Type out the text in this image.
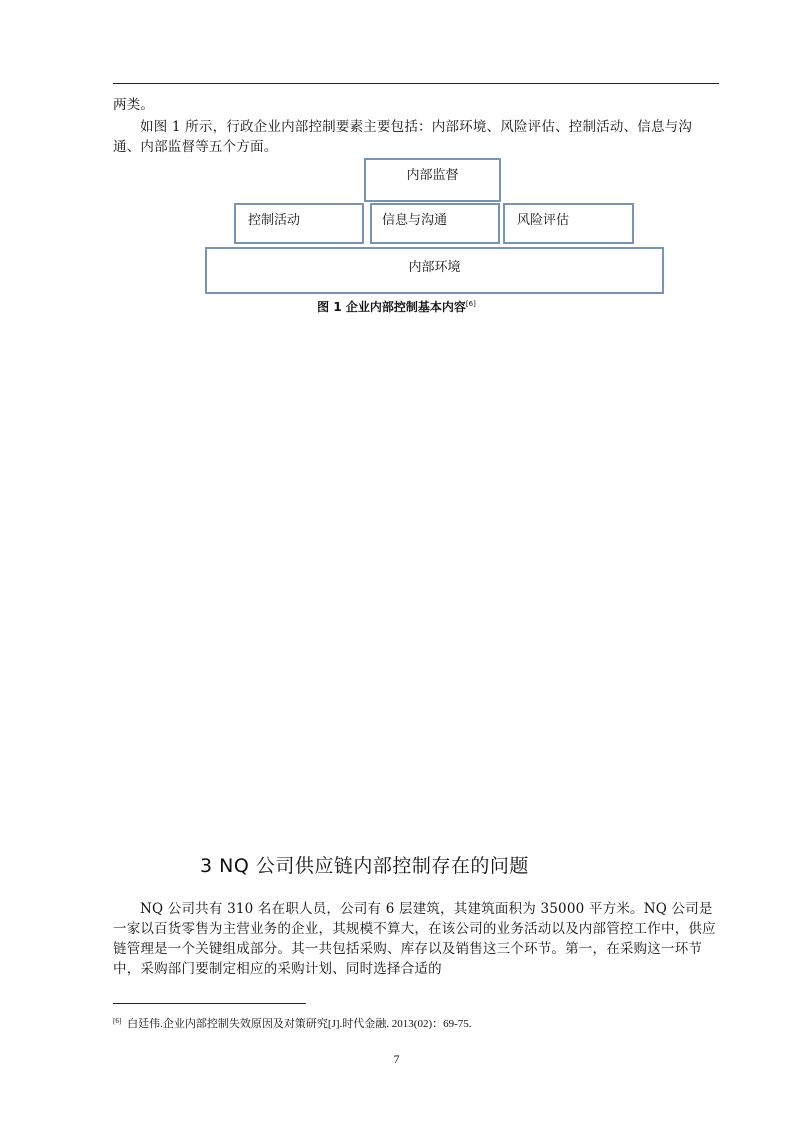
两类。

如图 1 所示，行政企业内部控制要素主要包括：内部环境、风险评估、控制活动、信息与沟通、内部监督等五个方面。

内部监督
控制活动	信息与沟通	风险评估
内部环境
图 1 企业内部控制基本内容[6]
3 NQ 公司供应链内部控制存在的问题

NQ 公司共有 310 名在职人员，公司有 6 层建筑，其建筑面积为 35000 平方米。NQ 公司是一家以百货零售为主营业务的企业，其规模不算大，在该公司的业务活动以及内部管控工作中，供应链管理是一个关键组成部分。其一共包括采购、库存以及销售这三个环节。第一，在采购这一环节中，采购部门要制定相应的采购计划、同时选择合适的

[6] 白廷伟.企业内部控制失效原因及对策研究[J].时代金融. 2013(02)：69-75.
7
